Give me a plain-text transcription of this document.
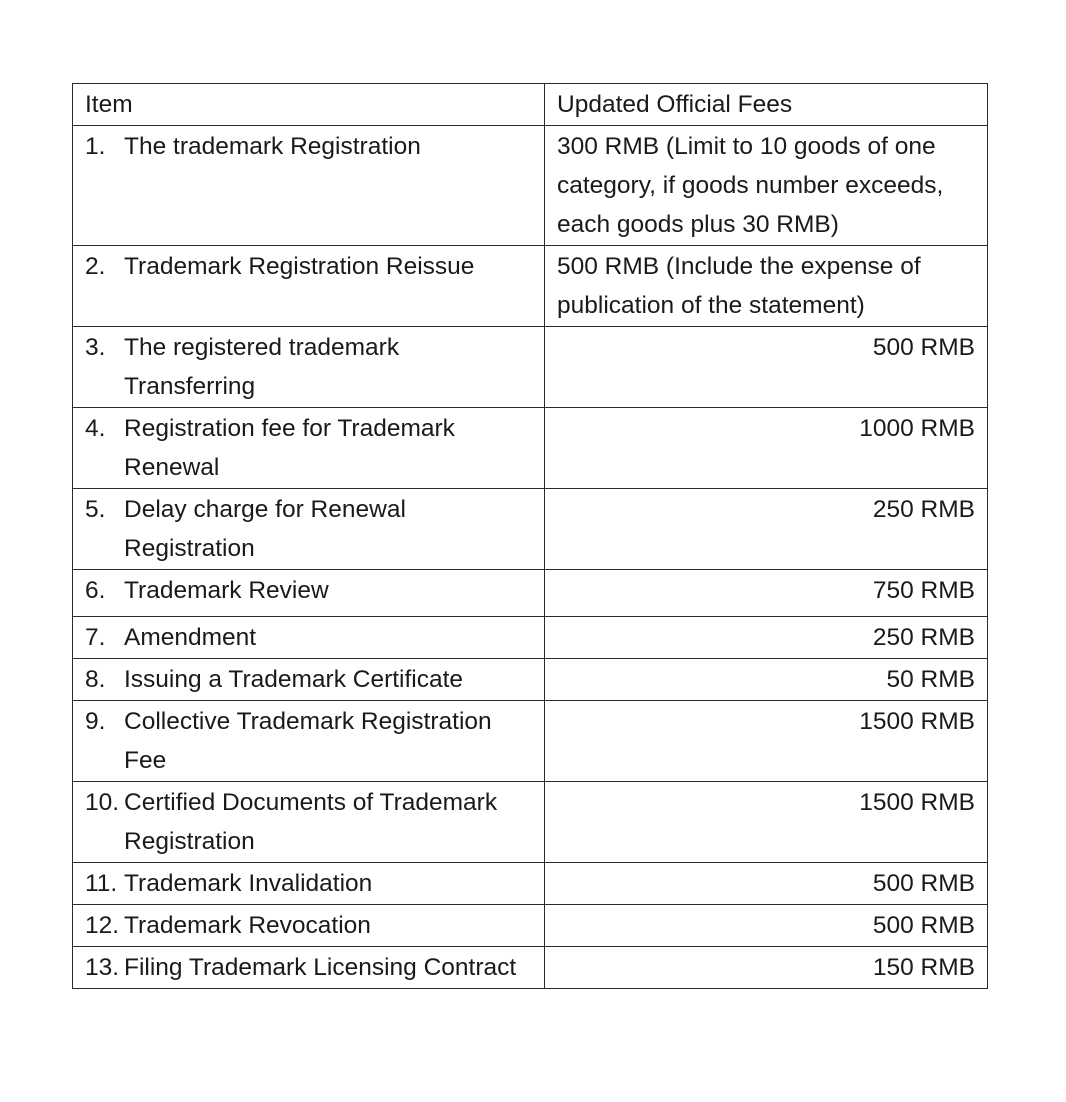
Item	Updated Official Fees

1. The trademark Registration	300 RMB (Limit to 10 goods of one category, if goods number exceeds, each goods plus 30 RMB)

2. Trademark Registration Reissue	500 RMB (Include the expense of publication of the statement)

3. The registered trademark Transferring	500 RMB

4. Registration fee for Trademark Renewal	1000 RMB

5. Delay charge for Renewal Registration	250 RMB

6. Trademark Review	750 RMB

7. Amendment	250 RMB

8. Issuing a Trademark Certificate	50 RMB

9. Collective Trademark Registration Fee	1500 RMB

10. Certified Documents of Trademark Registration	1500 RMB

11. Trademark Invalidation	500 RMB

12. Trademark Revocation	500 RMB

13. Filing Trademark Licensing Contract	150 RMB
